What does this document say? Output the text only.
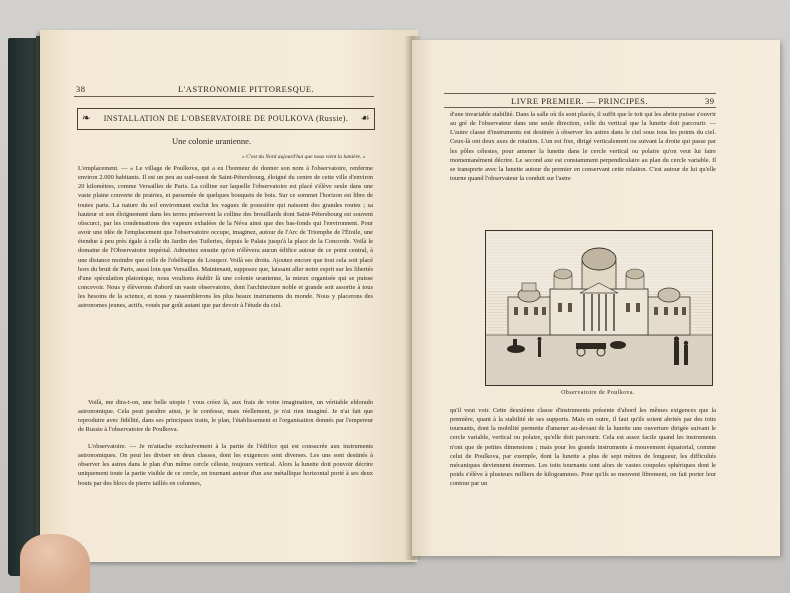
38	L'ASTRONOMIE PITTORESQUE.
❧ INSTALLATION DE L'OBSERVATOIRE DE POULKOVA (Russie). ☙
Une colonie uranienne.
« C'est du Nord aujourd'hui que nous vient la lumière. »

L'emplacement. — « Le village de Poulkova, qui a eu l'honneur de donner son nom à l'observatoire, renferme environ 2.000 habitants. Il est un peu au sud-ouest de Saint-Pétersbourg, éloigné du centre de cette ville d'environ 20 kilomètres, comme Versailles de Paris. La colline sur laquelle l'observatoire est placé s'élève seule dans une vaste plaine couverte de prairies, et parsemée de quelques bouquets de bois. Sur ce sommet l'horizon est libre de toutes parts. La nature du sol environnant exclut les vagues de poussière qui naissent des grandes routes ; sa hauteur et son éloignement dans les terres préservent la colline des brouillards dont Saint-Pétersbourg est souvent obscurci, par les condensations des vapeurs exhalées de la Néva ainsi que des bas-fonds qui l'environnent. Pour avoir une idée de l'emplacement que l'observatoire occupe, imaginez, autour de l'Arc de Triomphe de l'Étoile, une étendue à peu près égale à celle du Jardin des Tuileries, depuis le Palais jusqu'à la place de la Concorde. Voilà le domaine de l'Observatoire impérial. Admettez ensuite qu'on n'élèvera aucun édifice autour de ce point central, à une distance moindre que celle de l'obélisque de Louqsor. Voilà ses droits. Ajoutez encore que tout cela soit placé hors du bruit de Paris, aussi loin que Versailles. Maintenant, supposez que, laissant aller notre esprit sur les libertés d'une spéculation platonique, nous voulions établir là une colonie uranienne, la mieux organisée qui se puisse concevoir. Nous y élèverons d'abord un vaste observatoire, dont l'architecture noble et grande soit assortie à tous les besoins de la science, et nous y rassemblerons les plus beaux instruments du monde. Nous y placerons des astronomes jeunes, actifs, voués par goût autant que par devoir à l'étude du ciel.

Voilà, me dira-t-on, une belle utopie ! vous créez là, aux frais de votre imagination, un véritable eldorado astronomique. Cela peut paraître ainsi, je le confesse, mais réellement, je n'ai rien imaginé. Je n'ai fait que reproduire avec fidélité, dans ses principaux traits, le plan, l'établissement et l'organisation donnés par l'empereur de Russie à l'observatoire de Poulkova.

L'observatoire. — Je m'attache exclusivement à la partie de l'édifice qui est consacrée aux instruments astronomiques. On peut les diviser en deux classes, dont les exigences sont diverses. Les uns sont destinés à observer les astres dans le plan d'un même cercle céleste, toujours vertical. Alors la lunette doit pouvoir décrire uniquement toute la partie visible de ce cercle, en tournant autour d'un axe métallique horizontal porté à ses deux bouts par des blocs de pierre taillés en colonnes,

LIVRE PREMIER. — PRINCIPES.	39

d'une invariable stabilité. Dans la salle où ils sont placés, il suffit que le toit qui les abrite puisse s'ouvrir au gré de l'observateur dans une seule direction, celle du vertical que la lunette doit parcourir. — L'autre classe d'instruments est destinée à observer les astres dans le ciel sous tous les points du ciel. Ceux-là ont deux axes de rotation. L'un est fixe, dirigé verticalement ou suivant la droite qui passe par les pôles célestes, pour amener la lunette dans le cercle vertical ou polaire qu'on veut lui faire momentanément décrire. Le second axe est constamment perpendiculaire au plan du cercle variable. Il se transporte avec la lunette autour du premier en conservant cette relation. C'est autour de lui qu'elle tourne quand l'observateur la conduit sur l'astre

Observatoire de Poulkova.

qu'il veut voir. Cette deuxième classe d'instruments présente d'abord les mêmes exigences que la première, quant à la stabilité de ses supports. Mais en outre, il faut qu'ils soient abrités par des toits tournants, dont la mobilité permette d'amener au-devant de la lunette une ouverture dirigée suivant le cercle variable, vertical ou polaire, qu'elle doit parcourir. Cela est assez facile quand les instruments n'ont que de petites dimensions ; mais pour les grands instruments à mouvement équatorial, comme celui de Poulkova, par exemple, dont la lunette a plus de sept mètres de longueur, les difficultés mécaniques deviennent énormes. Les toits tournants sont alors de vastes coupoles sphériques dont le poids s'élève à plusieurs milliers de kilogrammes. Pour qu'ils se meuvent librement, on fait porter leur contour par un
